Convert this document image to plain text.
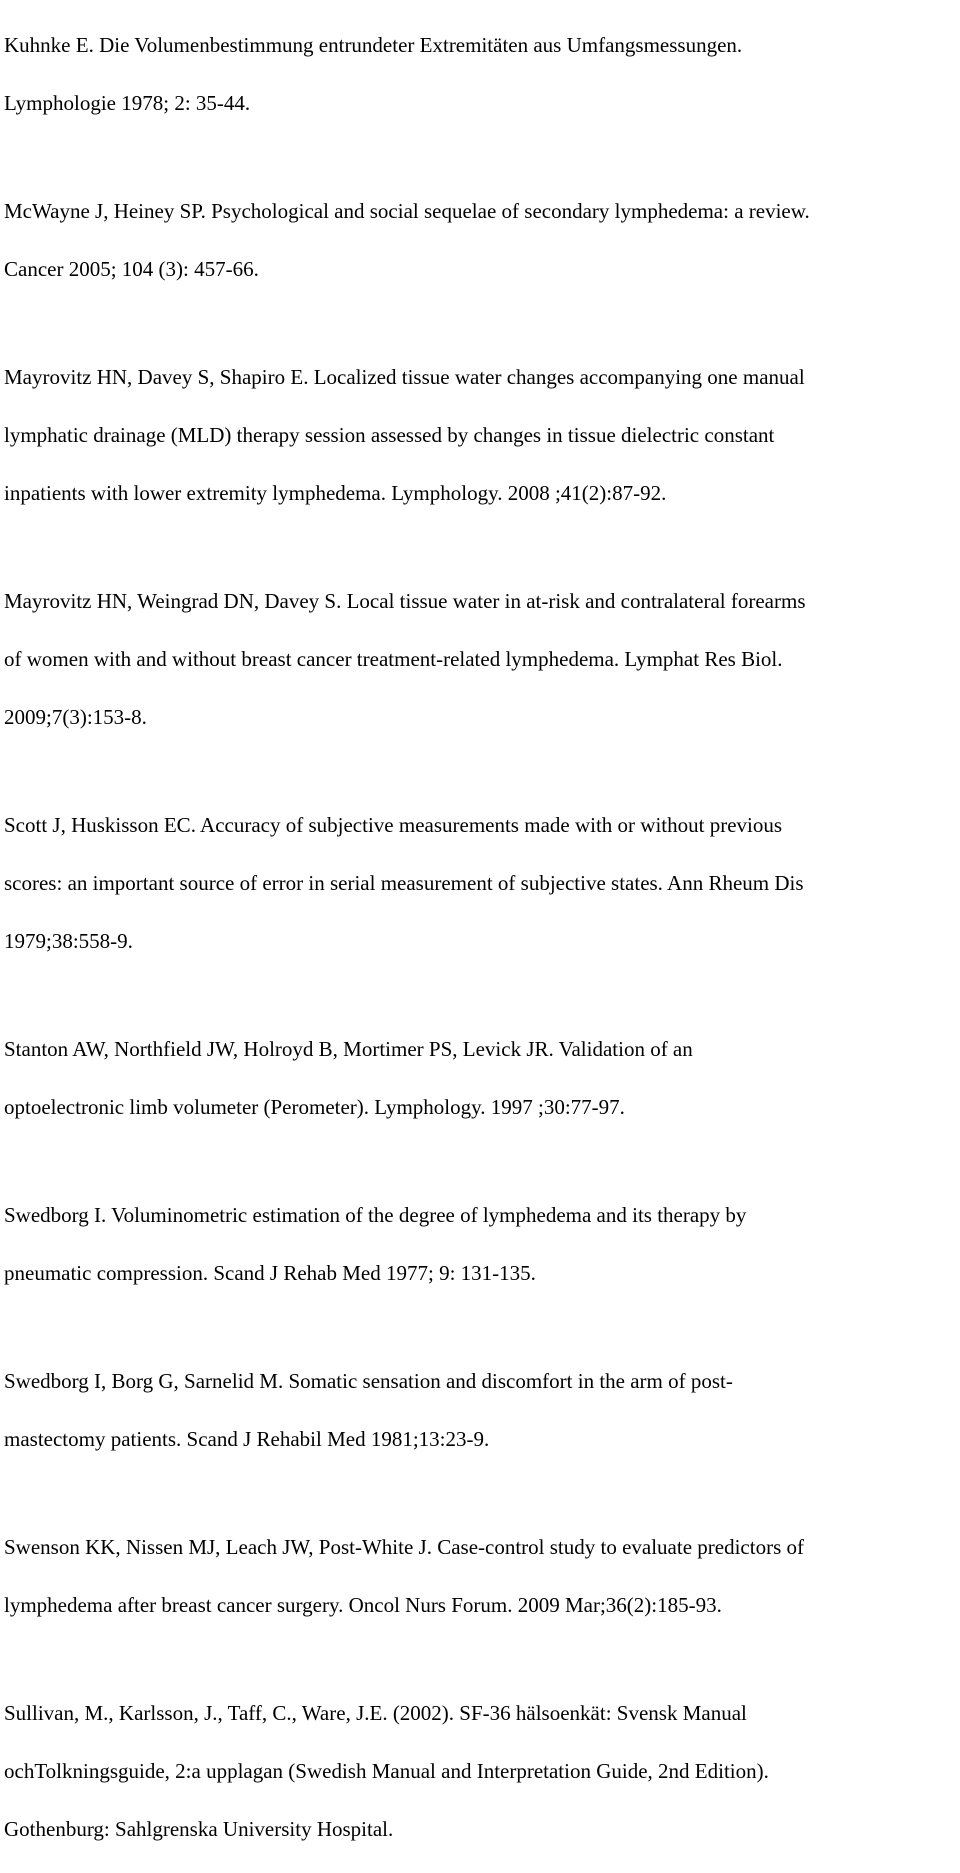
Kuhnke E. Die Volumenbestimmung entrundeter Extremitäten aus Umfangsmessungen.

Lymphologie 1978; 2: 35-44.

McWayne J, Heiney SP. Psychological and social sequelae of secondary lymphedema: a review.

Cancer 2005; 104 (3): 457-66.

Mayrovitz HN, Davey S, Shapiro E. Localized tissue water changes accompanying one manual

lymphatic drainage (MLD) therapy session assessed by changes in tissue dielectric constant

inpatients with lower extremity lymphedema. Lymphology. 2008 ;41(2):87-92.

Mayrovitz HN, Weingrad DN, Davey S. Local tissue water in at-risk and contralateral forearms

of women with and without breast cancer treatment-related lymphedema. Lymphat Res Biol.

2009;7(3):153-8.

Scott J, Huskisson EC. Accuracy of subjective measurements made with or without previous

scores: an important source of error in serial measurement of subjective states. Ann Rheum Dis

1979;38:558-9.

Stanton AW, Northfield JW, Holroyd B, Mortimer PS, Levick JR. Validation of an

optoelectronic limb volumeter (Perometer). Lymphology. 1997 ;30:77-97.

Swedborg I. Voluminometric estimation of the degree of lymphedema and its therapy by

pneumatic compression. Scand J Rehab Med 1977; 9: 131-135.

Swedborg I, Borg G, Sarnelid M. Somatic sensation and discomfort in the arm of post-

mastectomy patients. Scand J Rehabil Med 1981;13:23-9.

Swenson KK, Nissen MJ, Leach JW, Post-White J. Case-control study to evaluate predictors of

lymphedema after breast cancer surgery. Oncol Nurs Forum. 2009 Mar;36(2):185-93.

Sullivan, M., Karlsson, J., Taff, C., Ware, J.E. (2002). SF-36 hälsoenkät: Svensk Manual

ochTolkningsguide, 2:a upplagan (Swedish Manual and Interpretation Guide, 2nd Edition).

Gothenburg: Sahlgrenska University Hospital.
